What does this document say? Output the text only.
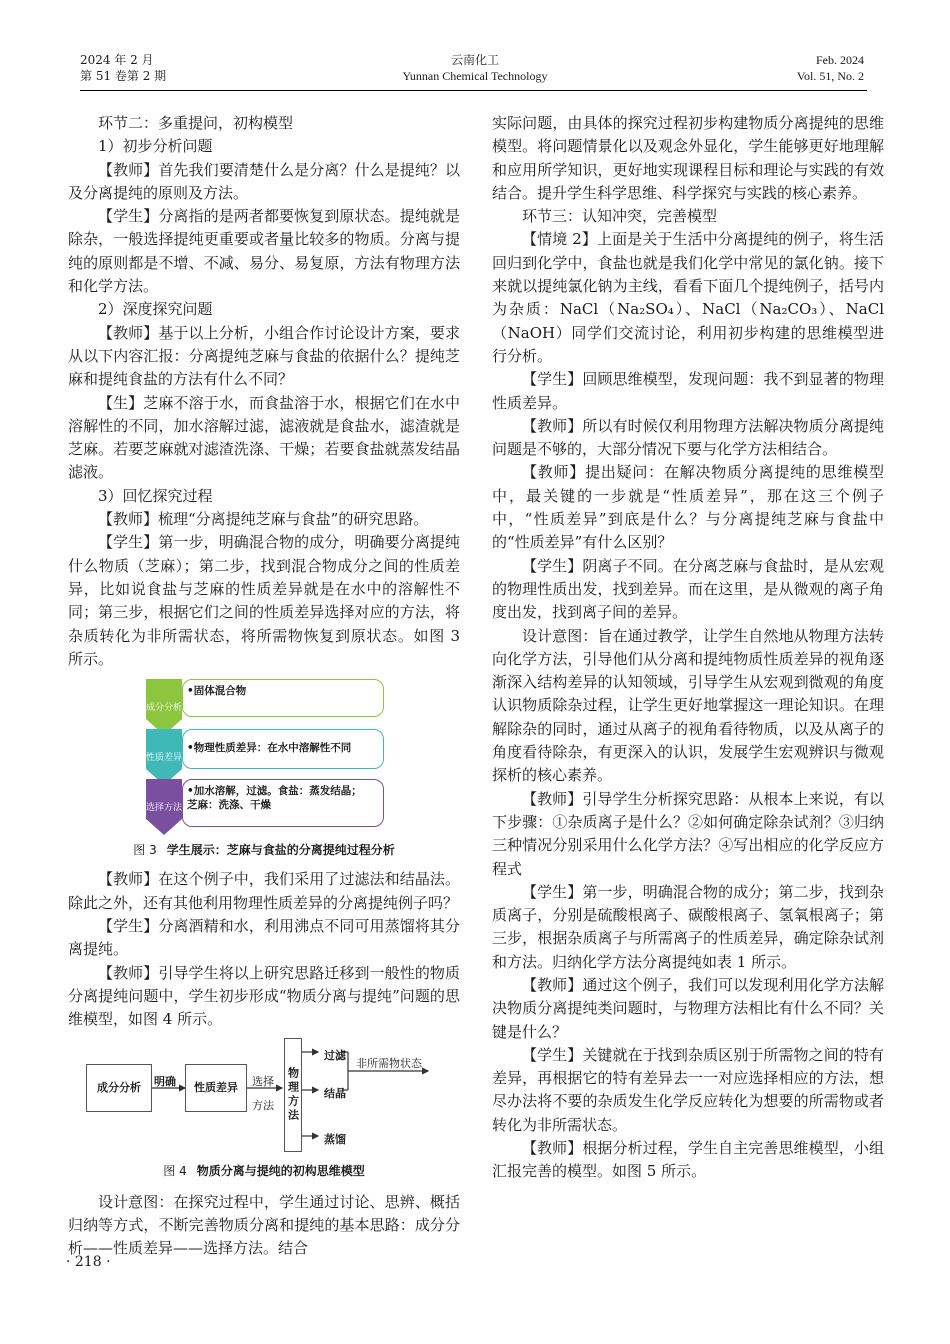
2024 年 2 月
第 51 卷第 2 期
云南化工
Yunnan Chemical Technology
Feb. 2024
Vol. 51, No. 2

环节二：多重提问，初构模型

1）初步分析问题

【教师】首先我们要清楚什么是分离？什么是提纯？以及分离提纯的原则及方法。

【学生】分离指的是两者都要恢复到原状态。提纯就是除杂，一般选择提纯更重要或者量比较多的物质。分离与提纯的原则都是不增、不减、易分、易复原，方法有物理方法和化学方法。

2）深度探究问题

【教师】基于以上分析，小组合作讨论设计方案，要求从以下内容汇报：分离提纯芝麻与食盐的依据什么？提纯芝麻和提纯食盐的方法有什么不同？

【生】芝麻不溶于水，而食盐溶于水，根据它们在水中溶解性的不同，加水溶解过滤，滤液就是食盐水，滤渣就是芝麻。若要芝麻就对滤渣洗涤、干燥；若要食盐就蒸发结晶滤液。

3）回忆探究过程

【教师】梳理“分离提纯芝麻与食盐”的研究思路。

【学生】第一步，明确混合物的成分，明确要分离提纯什么物质（芝麻）；第二步，找到混合物成分之间的性质差异，比如说食盐与芝麻的性质差异就是在水中的溶解性不同；第三步，根据它们之间的性质差异选择对应的方法，将杂质转化为非所需状态，将所需物恢复到原状态。如图 3 所示。

成分分析
性质差异
选择方法
•固体混合物
•物理性质差异：在水中溶解性不同
•加水溶解，过滤。食盐：蒸发结晶；
芝麻：洗涤、干燥
图 3 学生展示：芝麻与食盐的分离提纯过程分析

【教师】在这个例子中，我们采用了过滤法和结晶法。除此之外，还有其他利用物理性质差异的分离提纯例子吗？

【学生】分离酒精和水，利用沸点不同可用蒸馏将其分离提纯。

【教师】引导学生将以上研究思路迁移到一般性的物质分离提纯问题中，学生初步形成“物质分离与提纯”问题的思维模型，如图 4 所示。

成分分析 明确 性质差异 选择
方法 物理方法
过滤
结晶
蒸馏
非所需物状态
图 4 物质分离与提纯的初构思维模型

设计意图：在探究过程中，学生通过讨论、思辨、概括归纳等方式，不断完善物质分离和提纯的基本思路：成分分析——性质差异——选择方法。结合

实际问题，由具体的探究过程初步构建物质分离提纯的思维模型。将问题情景化以及观念外显化，学生能够更好地理解和应用所学知识，更好地实现课程目标和理论与实践的有效结合。提升学生科学思维、科学探究与实践的核心素养。

环节三：认知冲突，完善模型

【情境 2】上面是关于生活中分离提纯的例子，将生活回归到化学中，食盐也就是我们化学中常见的氯化钠。接下来就以提纯氯化钠为主线，看看下面几个提纯例子，括号内为杂质：NaCl（Na₂SO₄）、NaCl（Na₂CO₃）、NaCl（NaOH）同学们交流讨论，利用初步构建的思维模型进行分析。

【学生】回顾思维模型，发现问题：我不到显著的物理性质差异。

【教师】所以有时候仅利用物理方法解决物质分离提纯问题是不够的，大部分情况下要与化学方法相结合。

【教师】提出疑问：在解决物质分离提纯的思维模型中，最关键的一步就是“性质差异”，那在这三个例子中，“性质差异”到底是什么？与分离提纯芝麻与食盐中的“性质差异”有什么区别？

【学生】阴离子不同。在分离芝麻与食盐时，是从宏观的物理性质出发，找到差异。而在这里，是从微观的离子角度出发，找到离子间的差异。

设计意图：旨在通过教学，让学生自然地从物理方法转向化学方法，引导他们从分离和提纯物质性质差异的视角逐渐深入结构差异的认知领域，引导学生从宏观到微观的角度认识物质除杂过程，让学生更好地掌握这一理论知识。在理解除杂的同时，通过从离子的视角看待物质，以及从离子的角度看待除杂，有更深入的认识，发展学生宏观辨识与微观探析的核心素养。

【教师】引导学生分析探究思路：从根本上来说，有以下步骤：①杂质离子是什么？②如何确定除杂试剂？③归纳三种情况分别采用什么化学方法？④写出相应的化学反应方程式

【学生】第一步，明确混合物的成分；第二步，找到杂质离子，分别是硫酸根离子、碳酸根离子、氢氧根离子；第三步，根据杂质离子与所需离子的性质差异，确定除杂试剂和方法。归纳化学方法分离提纯如表 1 所示。

【教师】通过这个例子，我们可以发现利用化学方法解决物质分离提纯类问题时，与物理方法相比有什么不同？关键是什么？

【学生】关键就在于找到杂质区别于所需物之间的特有差异，再根据它的特有差异去一一对应选择相应的方法，想尽办法将不要的杂质发生化学反应转化为想要的所需物或者转化为非所需状态。

【教师】根据分析过程，学生自主完善思维模型，小组汇报完善的模型。如图 5 所示。

· 218 ·
